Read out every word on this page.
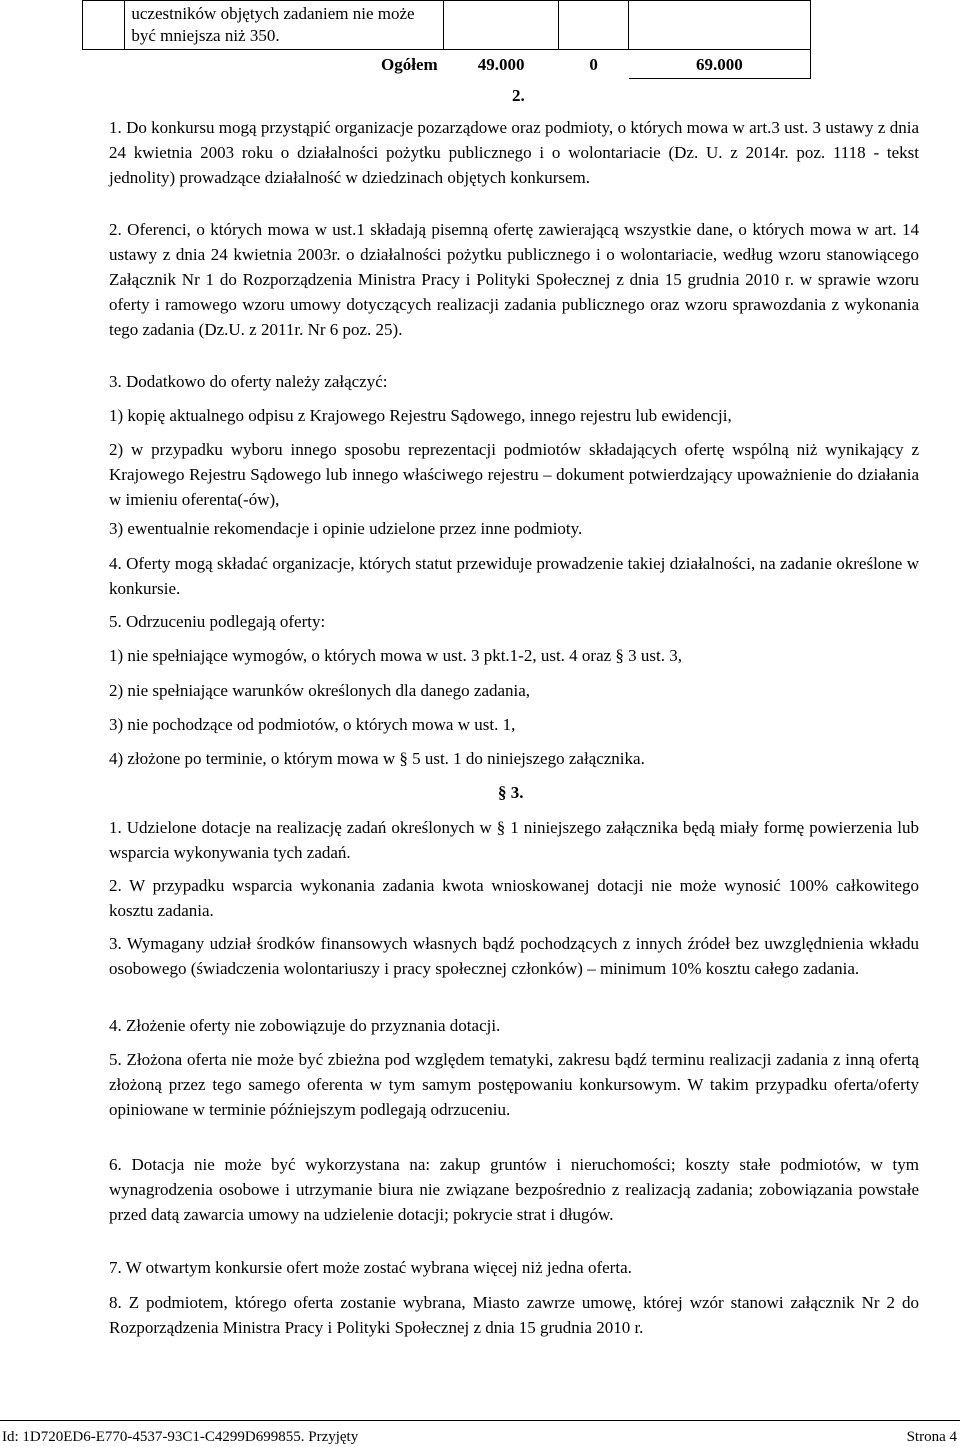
	uczestników objętych zadaniem nie może być mniejsza niż 350.			
	Ogółem	49.000	0	69.000
2.

1. Do konkursu mogą przystąpić organizacje pozarządowe oraz podmioty, o których mowa w art.3 ust. 3 ustawy z dnia 24 kwietnia 2003 roku o działalności pożytku publicznego i o wolontariacie (Dz. U. z 2014r. poz. 1118 - tekst jednolity) prowadzące działalność w dziedzinach objętych konkursem.

2. Oferenci, o których mowa w ust.1 składają pisemną ofertę zawierającą wszystkie dane, o których mowa w art. 14 ustawy z dnia 24 kwietnia 2003r. o działalności pożytku publicznego i o wolontariacie, według wzoru stanowiącego Załącznik Nr 1 do Rozporządzenia Ministra Pracy i Polityki Społecznej z dnia 15 grudnia 2010 r. w sprawie wzoru oferty i ramowego wzoru umowy dotyczących realizacji zadania publicznego oraz wzoru sprawozdania z wykonania tego zadania (Dz.U. z 2011r. Nr 6 poz. 25).

3. Dodatkowo do oferty należy załączyć:

1) kopię aktualnego odpisu z Krajowego Rejestru Sądowego, innego rejestru lub ewidencji,

2) w przypadku wyboru innego sposobu reprezentacji podmiotów składających ofertę wspólną niż wynikający z Krajowego Rejestru Sądowego lub innego właściwego rejestru – dokument potwierdzający upoważnienie do działania w imieniu oferenta(-ów),

3) ewentualnie rekomendacje i opinie udzielone przez inne podmioty.

4. Oferty mogą składać organizacje, których statut przewiduje prowadzenie takiej działalności, na zadanie określone w konkursie.

5. Odrzuceniu podlegają oferty:

1) nie spełniające wymogów, o których mowa w ust. 3 pkt.1-2, ust. 4 oraz § 3 ust. 3,

2) nie spełniające warunków określonych dla danego zadania,

3) nie pochodzące od podmiotów, o których mowa w ust. 1,

4) złożone po terminie, o którym mowa w § 5 ust. 1 do niniejszego załącznika.

§ 3.

1. Udzielone dotacje na realizację zadań określonych w § 1 niniejszego załącznika będą miały formę powierzenia lub wsparcia wykonywania tych zadań.

2. W przypadku wsparcia wykonania zadania kwota wnioskowanej dotacji nie może wynosić 100% całkowitego kosztu zadania.

3. Wymagany udział środków finansowych własnych bądź pochodzących z innych źródeł bez uwzględnienia wkładu osobowego (świadczenia wolontariuszy i pracy społecznej członków) – minimum 10% kosztu całego zadania.

4. Złożenie oferty nie zobowiązuje do przyznania dotacji.

5. Złożona oferta nie może być zbieżna pod względem tematyki, zakresu bądź terminu realizacji zadania z inną ofertą złożoną przez tego samego oferenta w tym samym postępowaniu konkursowym. W takim przypadku oferta/oferty opiniowane w terminie późniejszym podlegają odrzuceniu.

6. Dotacja nie może być wykorzystana na: zakup gruntów i nieruchomości; koszty stałe podmiotów, w tym wynagrodzenia osobowe i utrzymanie biura nie związane bezpośrednio z realizacją zadania; zobowiązania powstałe przed datą zawarcia umowy na udzielenie dotacji; pokrycie strat i długów.

7. W otwartym konkursie ofert może zostać wybrana więcej niż jedna oferta.

8. Z podmiotem, którego oferta zostanie wybrana, Miasto zawrze umowę, której wzór stanowi załącznik Nr 2 do Rozporządzenia Ministra Pracy i Polityki Społecznej z dnia 15 grudnia 2010 r.

Id: 1D720ED6-E770-4537-93C1-C4299D699855. Przyjęty	Strona 4
